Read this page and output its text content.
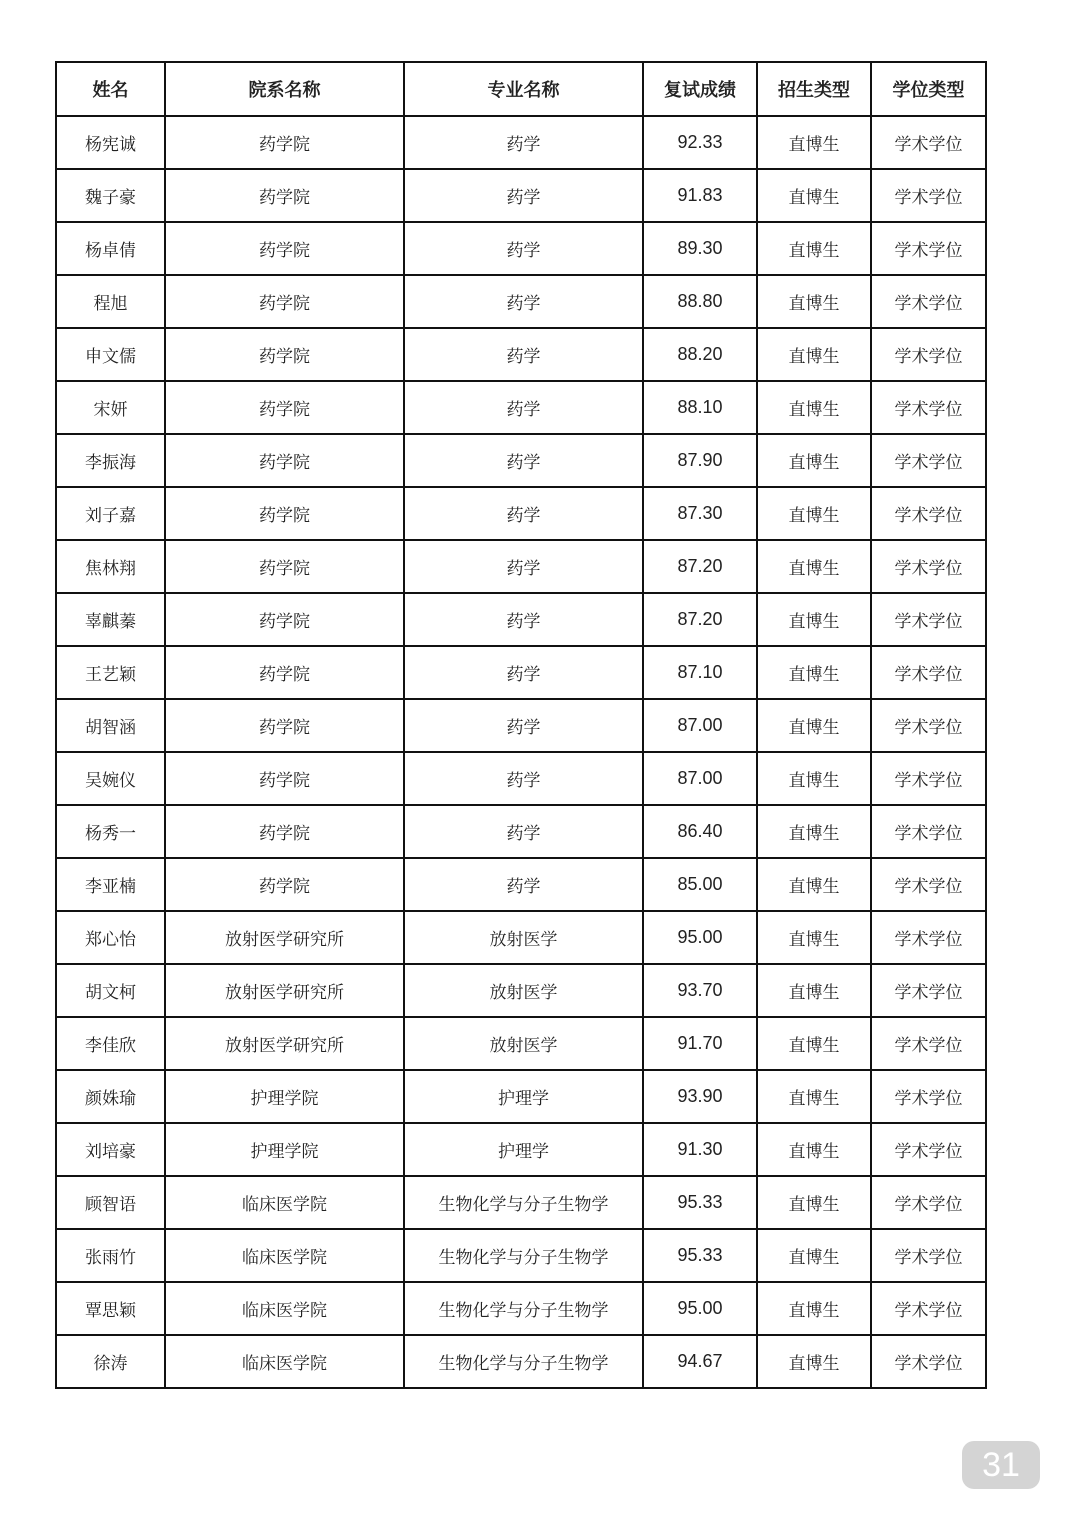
姓名	院系名称	专业名称	复试成绩	招生类型	学位类型
杨宪诚	药学院	药学	92.33	直博生	学术学位
魏子豪	药学院	药学	91.83	直博生	学术学位
杨卓倩	药学院	药学	89.30	直博生	学术学位
程旭	药学院	药学	88.80	直博生	学术学位
申文儒	药学院	药学	88.20	直博生	学术学位
宋妍	药学院	药学	88.10	直博生	学术学位
李振海	药学院	药学	87.90	直博生	学术学位
刘子嘉	药学院	药学	87.30	直博生	学术学位
焦林翔	药学院	药学	87.20	直博生	学术学位
辜麒蓁	药学院	药学	87.20	直博生	学术学位
王艺颖	药学院	药学	87.10	直博生	学术学位
胡智涵	药学院	药学	87.00	直博生	学术学位
吴婉仪	药学院	药学	87.00	直博生	学术学位
杨秀一	药学院	药学	86.40	直博生	学术学位
李亚楠	药学院	药学	85.00	直博生	学术学位
郑心怡	放射医学研究所	放射医学	95.00	直博生	学术学位
胡文柯	放射医学研究所	放射医学	93.70	直博生	学术学位
李佳欣	放射医学研究所	放射医学	91.70	直博生	学术学位
颜姝瑜	护理学院	护理学	93.90	直博生	学术学位
刘培豪	护理学院	护理学	91.30	直博生	学术学位
顾智语	临床医学院	生物化学与分子生物学	95.33	直博生	学术学位
张雨竹	临床医学院	生物化学与分子生物学	95.33	直博生	学术学位
覃思颖	临床医学院	生物化学与分子生物学	95.00	直博生	学术学位
徐涛	临床医学院	生物化学与分子生物学	94.67	直博生	学术学位
31
